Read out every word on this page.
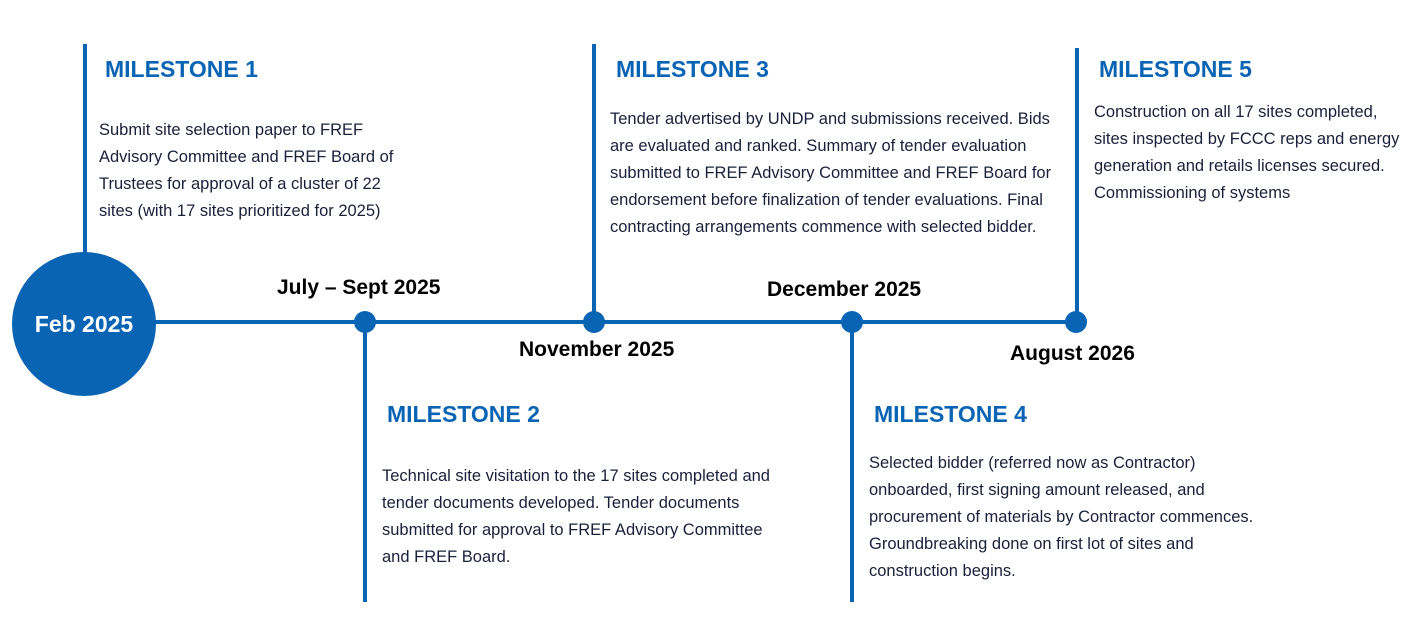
Feb 2025
July – Sept 2025
November 2025
December 2025
August 2026
MILESTONE 1
Submit site selection paper to FREF Advisory Committee and FREF Board of Trustees for approval of a cluster of 22 sites (with 17 sites prioritized for 2025)
MILESTONE 2
Technical site visitation to the 17 sites completed and tender documents developed. Tender documents submitted for approval to FREF Advisory Committee and FREF Board.
MILESTONE 3
Tender advertised by UNDP and submissions received. Bids are evaluated and ranked. Summary of tender evaluation submitted to FREF Advisory Committee and FREF Board for endorsement before finalization of tender evaluations. Final contracting arrangements commence with selected bidder.
MILESTONE 4
Selected bidder (referred now as Contractor) onboarded, first signing amount released, and procurement of materials by Contractor commences. Groundbreaking done on first lot of sites and construction begins.
MILESTONE 5
Construction on all 17 sites completed, sites inspected by FCCC reps and energy generation and retails licenses secured. Commissioning of systems
